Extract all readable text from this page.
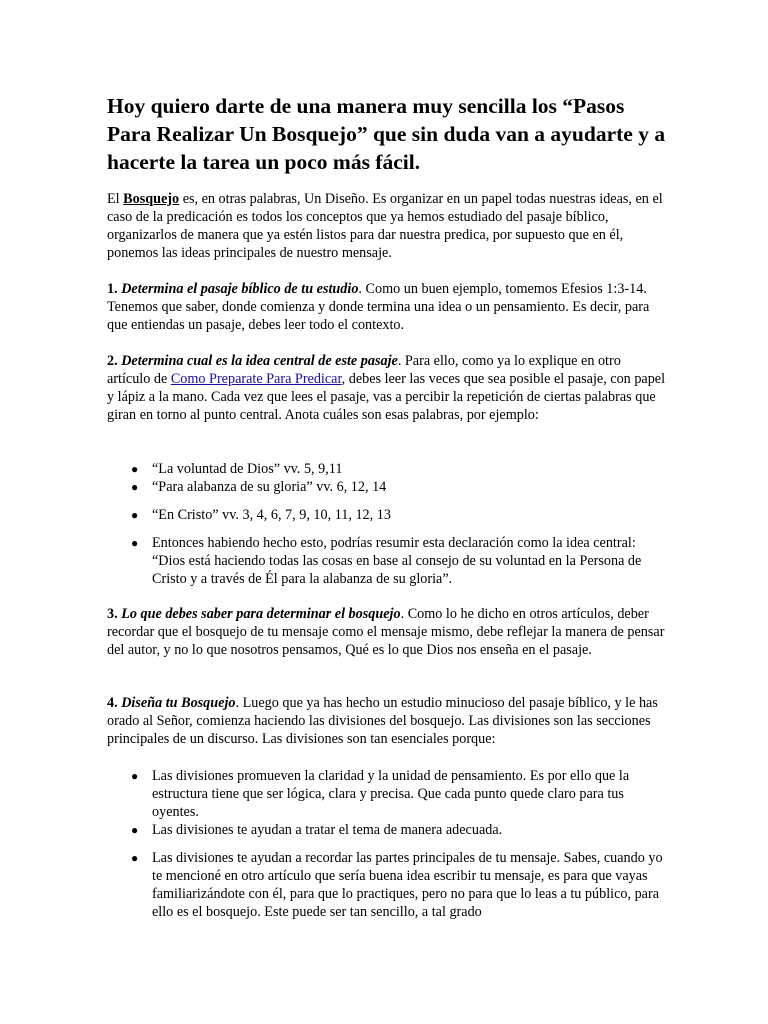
Hoy quiero darte de una manera muy sencilla los “Pasos Para Realizar Un Bosquejo” que sin duda van a ayudarte y a hacerte la tarea un poco más fácil.

El Bosquejo es, en otras palabras, Un Diseño. Es organizar en un papel todas nuestras ideas, en el caso de la predicación es todos los conceptos que ya hemos estudiado del pasaje bíblico, organizarlos de manera que ya estén listos para dar nuestra predica, por supuesto que en él, ponemos las ideas principales de nuestro mensaje.

1. Determina el pasaje bíblico de tu estudio. Como un buen ejemplo, tomemos Efesios 1:3-14. Tenemos que saber, donde comienza y donde termina una idea o un pensamiento. Es decir, para que entiendas un pasaje, debes leer todo el contexto.

2. Determina cual es la idea central de este pasaje. Para ello, como ya lo explique en otro artículo de Como Preparate Para Predicar, debes leer las veces que sea posible el pasaje, con papel y lápiz a la mano. Cada vez que lees el pasaje, vas a percibir la repetición de ciertas palabras que giran en torno al punto central. Anota cuáles son esas palabras, por ejemplo:

● “La voluntad de Dios” vv. 5, 9,11
● “Para alabanza de su gloria” vv. 6, 12, 14
● “En Cristo” vv. 3, 4, 6, 7, 9, 10, 11, 12, 13
● Entonces habiendo hecho esto, podrías resumir esta declaración como la idea central: “Dios está haciendo todas las cosas en base al consejo de su voluntad en la Persona de Cristo y a través de Él para la alabanza de su gloria”.

3. Lo que debes saber para determinar el bosquejo. Como lo he dicho en otros artículos, deber recordar que el bosquejo de tu mensaje como el mensaje mismo, debe reflejar la manera de pensar del autor, y no lo que nosotros pensamos, Qué es lo que Dios nos enseña en el pasaje.

4. Diseña tu Bosquejo. Luego que ya has hecho un estudio minucioso del pasaje bíblico, y le has orado al Señor, comienza haciendo las divisiones del bosquejo. Las divisiones son las secciones principales de un discurso. Las divisiones son tan esenciales porque:

● Las divisiones promueven la claridad y la unidad de pensamiento. Es por ello que la estructura tiene que ser lógica, clara y precisa. Que cada punto quede claro para tus oyentes.
● Las divisiones te ayudan a tratar el tema de manera adecuada.
● Las divisiones te ayudan a recordar las partes principales de tu mensaje. Sabes, cuando yo te mencioné en otro artículo que sería buena idea escribir tu mensaje, es para que vayas familiarizándote con él, para que lo practiques, pero no para que lo leas a tu público, para ello es el bosquejo. Este puede ser tan sencillo, a tal grado
